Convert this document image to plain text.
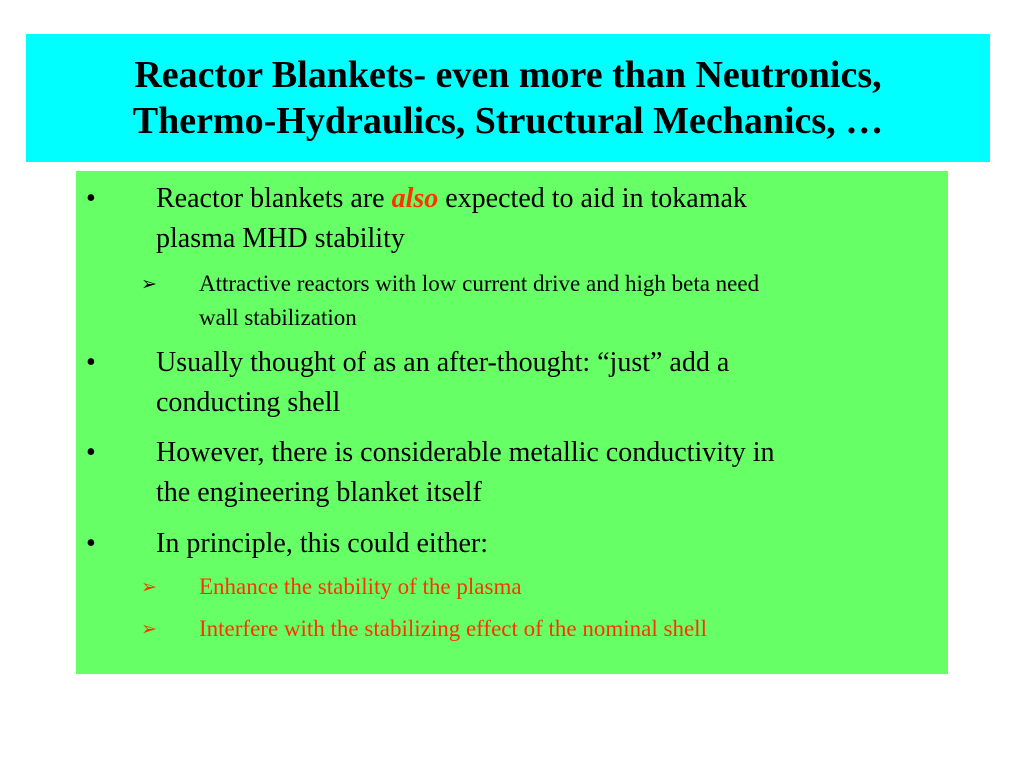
Reactor Blankets- even more than Neutronics,
Thermo-Hydraulics, Structural Mechanics, …
•	Reactor blankets are also expected to aid in tokamak
plasma MHD stability
➢ Attractive reactors with low current drive and high beta need
wall stabilization
•	Usually thought of as an after-thought: “just” add a
conducting shell
•	However, there is considerable metallic conductivity in
the engineering blanket itself
•	In principle, this could either:
➢ Enhance the stability of the plasma
➢ Interfere with the stabilizing effect of the nominal shell
